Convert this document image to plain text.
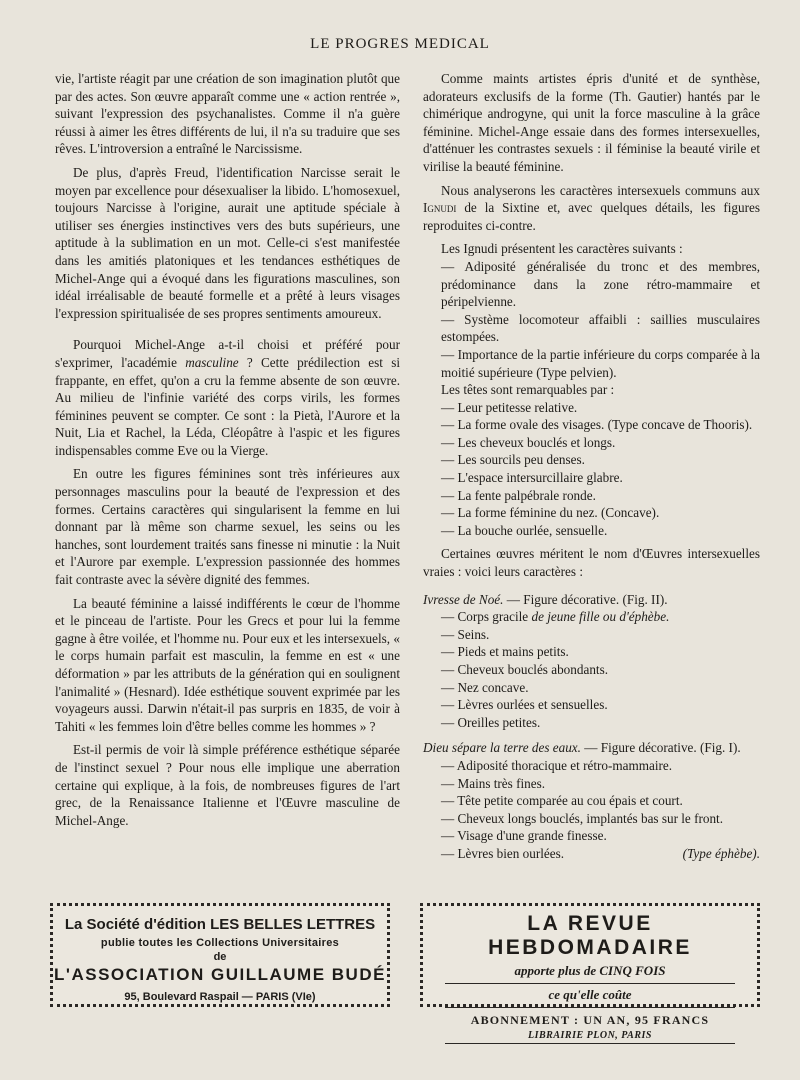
LE PROGRES MEDICAL

vie, l'artiste réagit par une création de son imagination plutôt que par des actes. Son œuvre apparaît comme une « action rentrée », suivant l'expression des psychanalistes. Comme il n'a guère réussi à aimer les êtres différents de lui, il n'a su traduire que ses rêves. L'introversion a entraîné le Narcissisme.

De plus, d'après Freud, l'identification Narcisse serait le moyen par excellence pour désexualiser la libido. L'homosexuel, toujours Narcisse à l'origine, aurait une aptitude spéciale à utiliser ses énergies instinctives vers des buts supérieurs, une aptitude à la sublimation en un mot. Celle-ci s'est manifestée dans les amitiés platoniques et les tendances esthétiques de Michel-Ange qui a évoqué dans les figurations masculines, son idéal irréalisable de beauté formelle et a prêté à leurs visages l'expression spiritualisée de ses propres sentiments amoureux.

Pourquoi Michel-Ange a-t-il choisi et préféré pour s'exprimer, l'académie masculine ? Cette prédilection est si frappante, en effet, qu'on a cru la femme absente de son œuvre. Au milieu de l'infinie variété des corps virils, les formes féminines peuvent se compter. Ce sont : la Pietà, l'Aurore et la Nuit, Lia et Rachel, la Léda, Cléopâtre à l'aspic et les figures indispensables comme Eve ou la Vierge.

En outre les figures féminines sont très inférieures aux personnages masculins pour la beauté de l'expression et des formes. Certains caractères qui singularisent la femme en lui donnant par là même son charme sexuel, les seins ou les hanches, sont lourdement traités sans finesse ni minutie : la Nuit et l'Aurore par exemple. L'expression passionnée des hommes fait contraste avec la sévère dignité des femmes.

La beauté féminine a laissé indifférents le cœur de l'homme et le pinceau de l'artiste. Pour les Grecs et pour lui la femme gagne à être voilée, et l'homme nu. Pour eux et les intersexuels, « le corps humain parfait est masculin, la femme en est « une déformation » par les attributs de la génération qui en soulignent l'animalité » (Hesnard). Idée esthétique souvent exprimée par les voyageurs aussi. Darwin n'était-il pas surpris en 1835, de voir à Tahiti « les femmes loin d'être belles comme les hommes » ?

Est-il permis de voir là simple préférence esthétique séparée de l'instinct sexuel ? Pour nous elle implique une aberration certaine qui explique, à la fois, de nombreuses figures de l'art grec, de la Renaissance Italienne et l'Œuvre masculine de Michel-Ange.

Comme maints artistes épris d'unité et de synthèse, adorateurs exclusifs de la forme (Th. Gautier) hantés par le chimérique androgyne, qui unit la force masculine à la grâce féminine. Michel-Ange essaie dans des formes intersexuelles, d'atténuer les contrastes sexuels : il féminise la beauté virile et virilise la beauté féminine.

Nous analyserons les caractères intersexuels communs aux Ignudi de la Sixtine et, avec quelques détails, les figures reproduites ci-contre.

Les Ignudi présentent les caractères suivants :

— Adiposité généralisée du tronc et des membres, prédominance dans la zone rétro-mammaire et péripelvienne.

— Système locomoteur affaibli : saillies musculaires estompées.

— Importance de la partie inférieure du corps comparée à la moitié supérieure (Type pelvien).

Les têtes sont remarquables par :

— Leur petitesse relative.

— La forme ovale des visages. (Type concave de Thooris).

— Les cheveux bouclés et longs.

— Les sourcils peu denses.

— L'espace intersurcillaire glabre.

— La fente palpébrale ronde.

— La forme féminine du nez. (Concave).

— La bouche ourlée, sensuelle.

Certaines œuvres méritent le nom d'Œuvres intersexuelles vraies : voici leurs caractères :

Ivresse de Noé. — Figure décorative. (Fig. II).

— Corps gracile de jeune fille ou d'éphèbe.

— Seins.

— Pieds et mains petits.

— Cheveux bouclés abondants.

— Nez concave.

— Lèvres ourlées et sensuelles.

— Oreilles petites.

Dieu sépare la terre des eaux. — Figure décorative. (Fig. I).

— Adiposité thoracique et rétro-mammaire.

— Mains très fines.

— Tête petite comparée au cou épais et court.

— Cheveux longs bouclés, implantés bas sur le front.

— Visage d'une grande finesse.

— Lèvres bien ourlées.	(Type éphèbe).

La Société d'édition LES BELLES LETTRES
publie toutes les Collections Universitaires
de
L'ASSOCIATION GUILLAUME BUDÉ
95, Boulevard Raspail — PARIS (VIe)
LA REVUE HEBDOMADAIRE
apporte plus de CINQ FOIS
ce qu'elle coûte
ABONNEMENT : UN AN, 95 FRANCS
LIBRAIRIE PLON, PARIS
